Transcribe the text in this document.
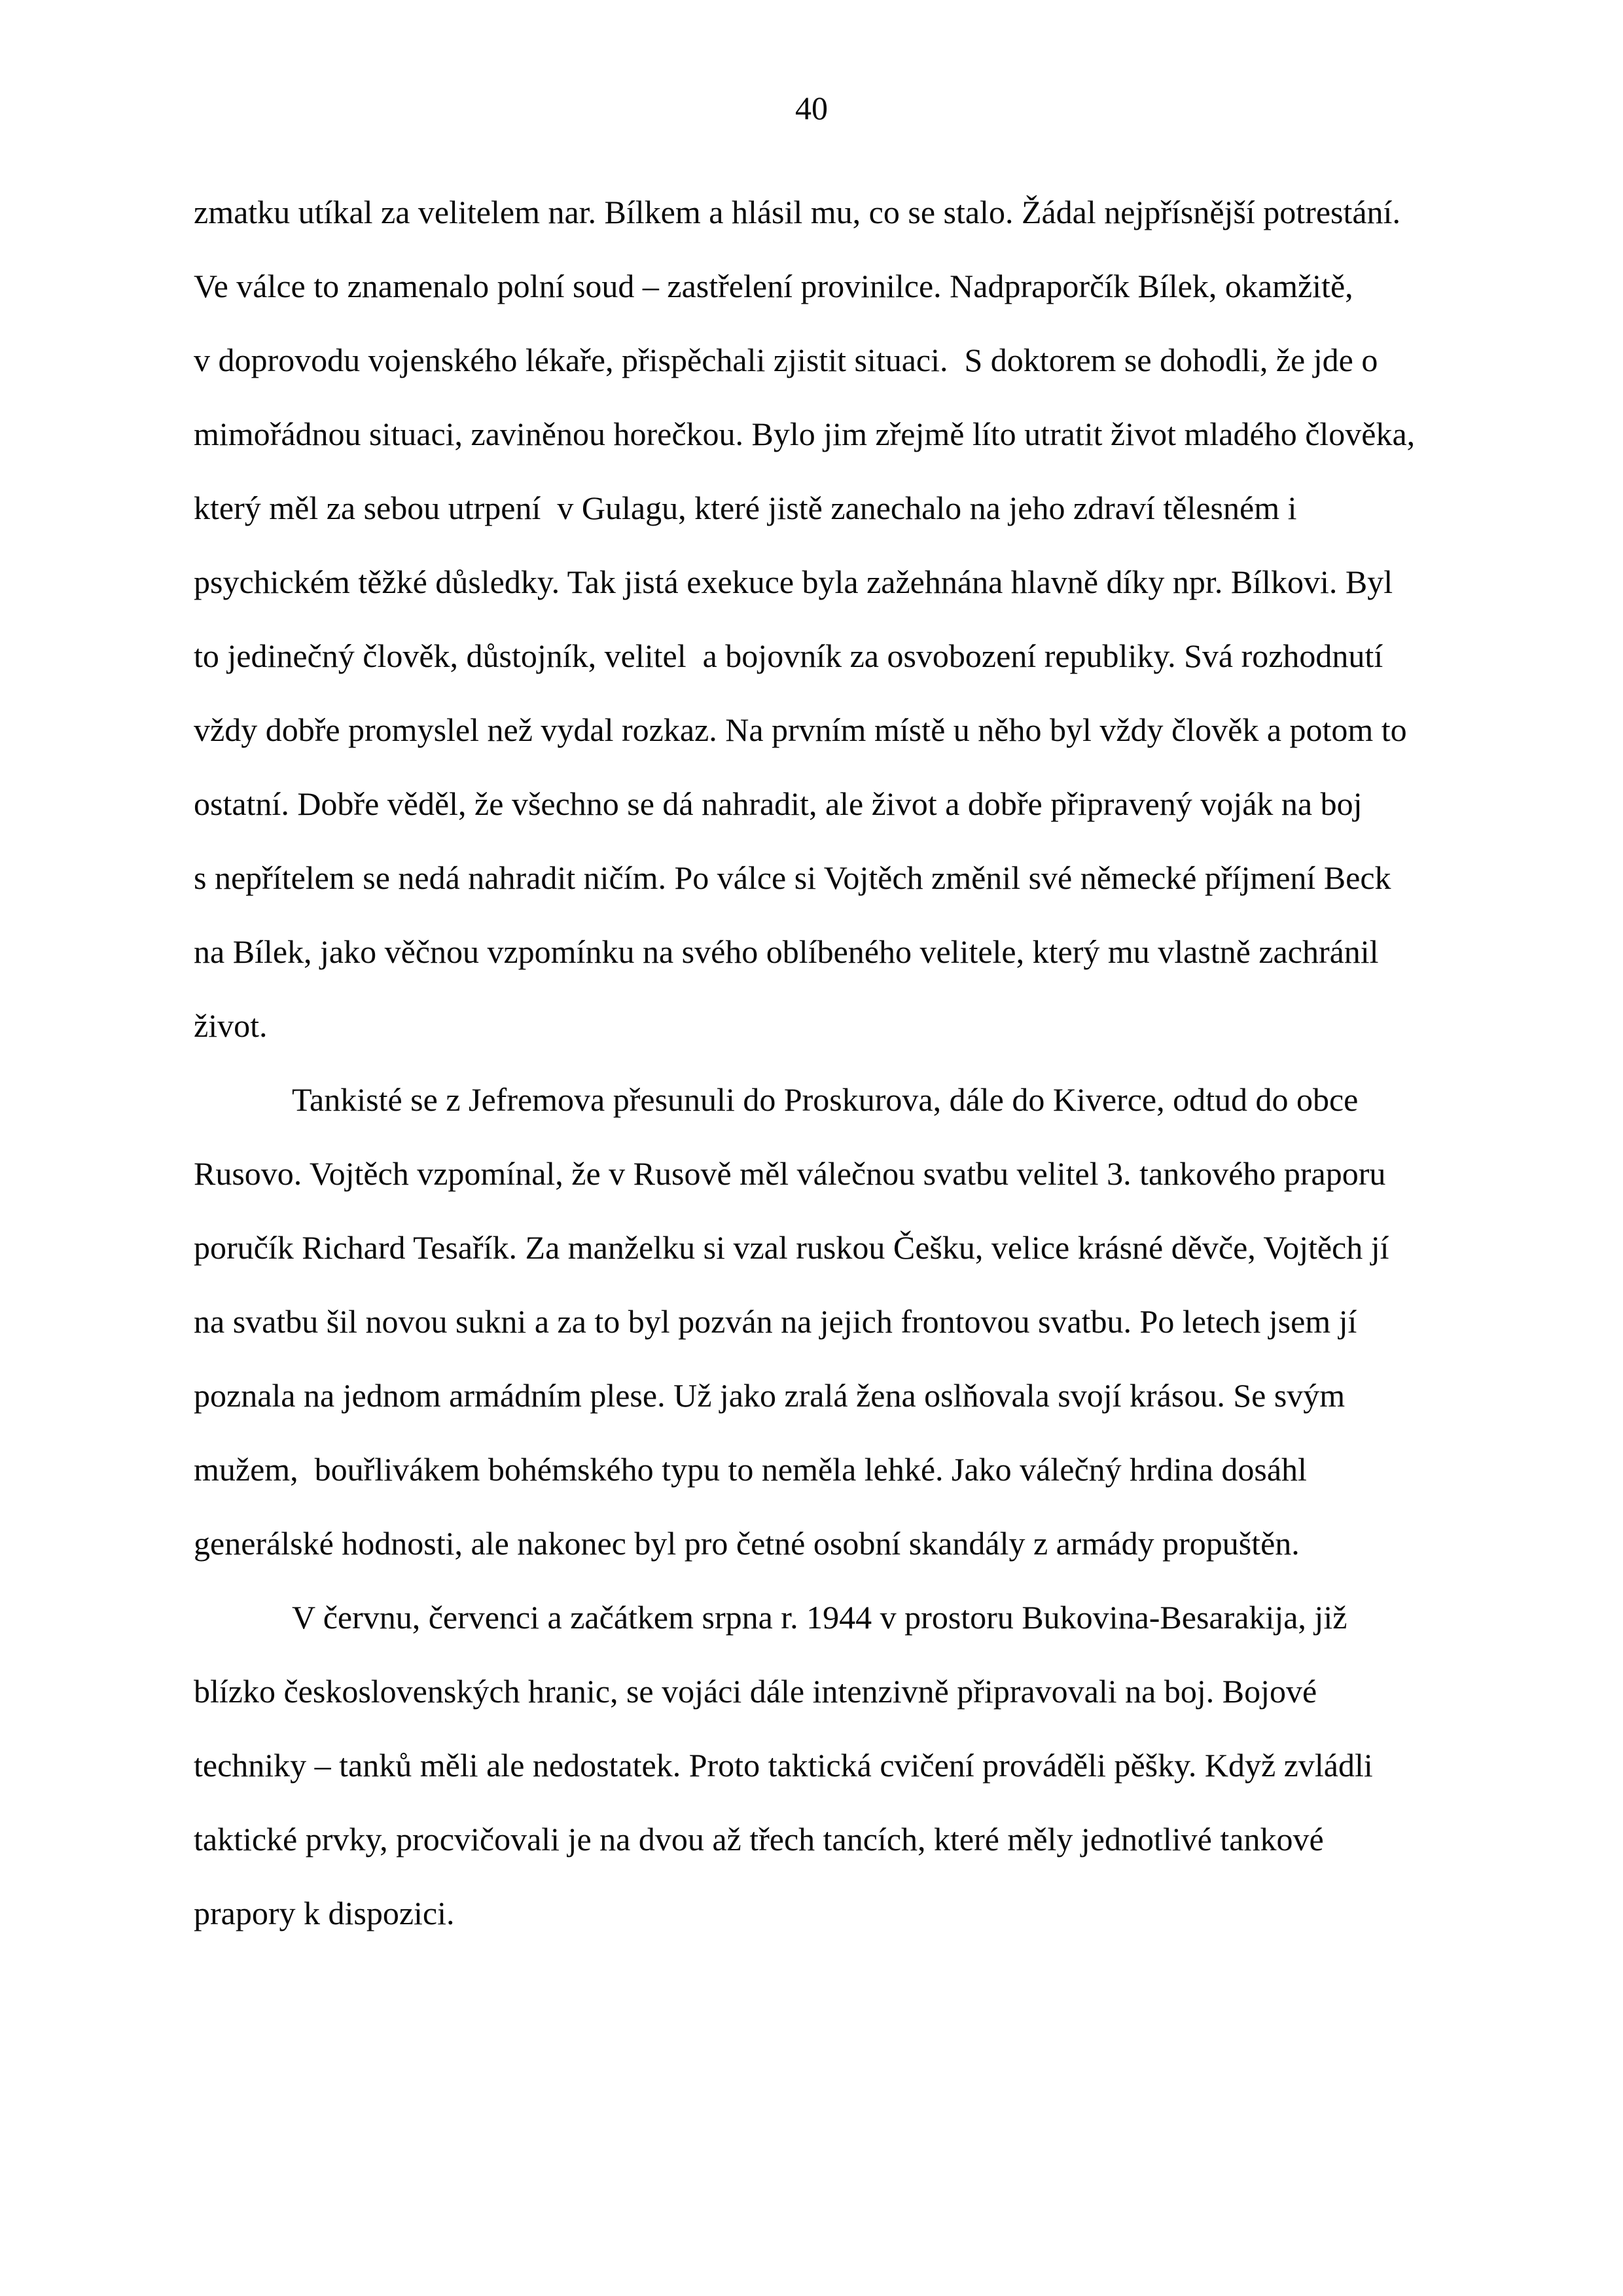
40
zmatku utíkal za velitelem nar. Bílkem a hlásil mu, co se stalo. Žádal nejpřísnější potrestání.
Ve válce to znamenalo polní soud – zastřelení provinilce. Nadpraporčík Bílek, okamžitě,
v doprovodu vojenského lékaře, přispěchali zjistit situaci.  S doktorem se dohodli, že jde o
mimořádnou situaci, zaviněnou horečkou. Bylo jim zřejmě líto utratit život mladého člověka,
který měl za sebou utrpení  v Gulagu, které jistě zanechalo na jeho zdraví tělesném i
psychickém těžké důsledky. Tak jistá exekuce byla zažehnána hlavně díky npr. Bílkovi. Byl
to jedinečný člověk, důstojník, velitel  a bojovník za osvobození republiky. Svá rozhodnutí
vždy dobře promyslel než vydal rozkaz. Na prvním místě u něho byl vždy člověk a potom to
ostatní. Dobře věděl, že všechno se dá nahradit, ale život a dobře připravený voják na boj
s nepřítelem se nedá nahradit ničím. Po válce si Vojtěch změnil své německé příjmení Beck
na Bílek, jako věčnou vzpomínku na svého oblíbeného velitele, který mu vlastně zachránil
život.
Tankisté se z Jefremova přesunuli do Proskurova, dále do Kiverce, odtud do obce
Rusovo. Vojtěch vzpomínal, že v Rusově měl válečnou svatbu velitel 3. tankového praporu
poručík Richard Tesařík. Za manželku si vzal ruskou Češku, velice krásné děvče, Vojtěch jí
na svatbu šil novou sukni a za to byl pozván na jejich frontovou svatbu. Po letech jsem jí
poznala na jednom armádním plese. Už jako zralá žena oslňovala svojí krásou. Se svým
mužem,  bouřlivákem bohémského typu to neměla lehké. Jako válečný hrdina dosáhl
generálské hodnosti, ale nakonec byl pro četné osobní skandály z armády propuštěn.
V červnu, červenci a začátkem srpna r. 1944 v prostoru Bukovina-Besarakija, již
blízko československých hranic, se vojáci dále intenzivně připravovali na boj. Bojové
techniky – tanků měli ale nedostatek. Proto taktická cvičení prováděli pěšky. Když zvládli
taktické prvky, procvičovali je na dvou až třech tancích, které měly jednotlivé tankové
prapory k dispozici.
